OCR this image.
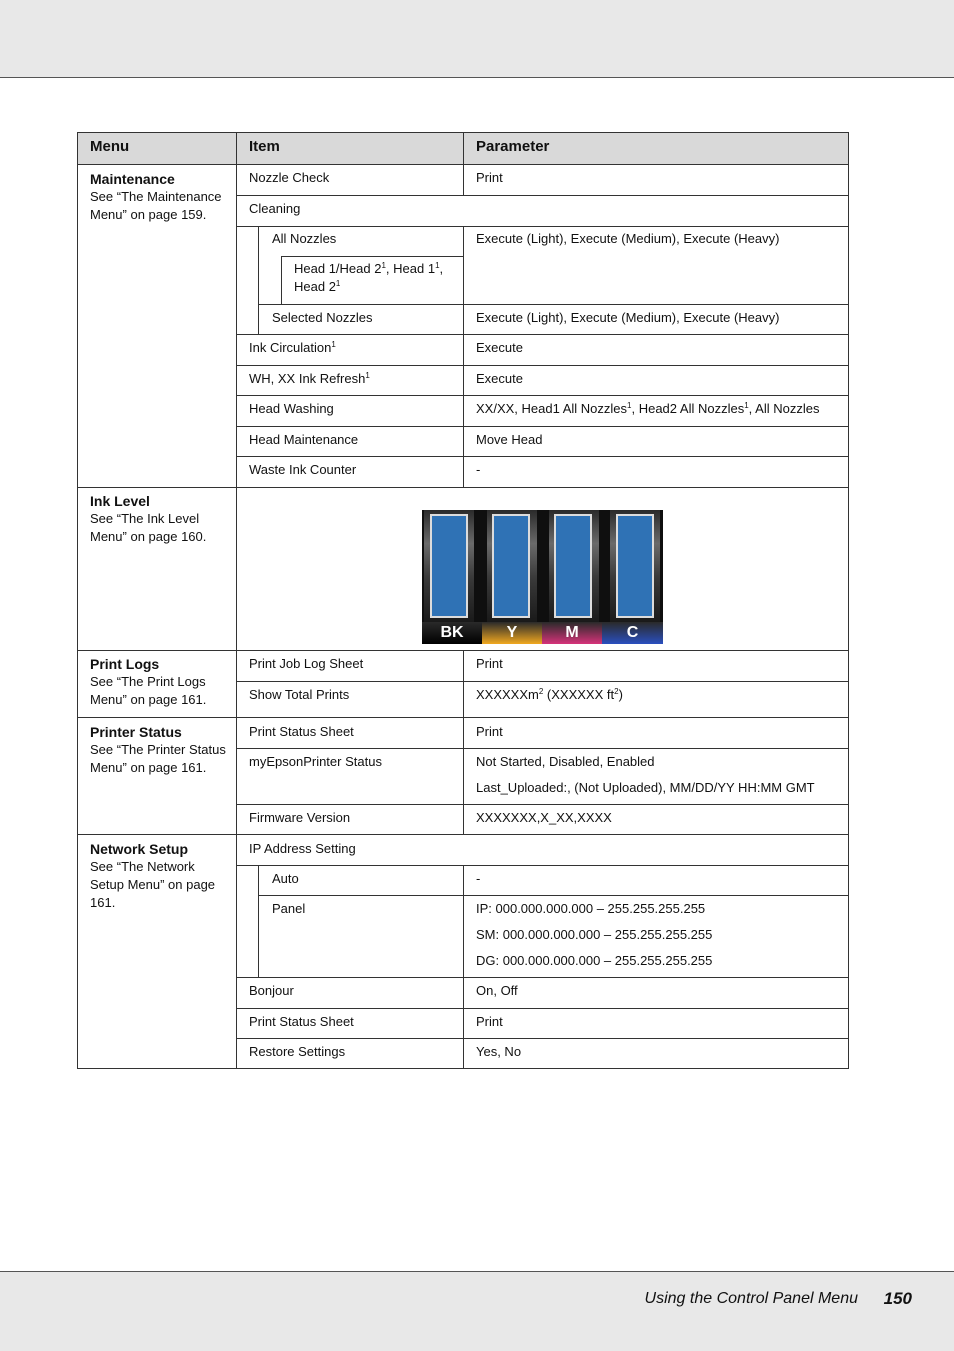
Menu	Item	Parameter
Maintenance
See “The Maintenance Menu” on page 159.
Nozzle Check	Print
Cleaning
All Nozzles	Execute (Light), Execute (Medium), Execute (Heavy)
Head 1/Head $2^1$, Head $1^1$,
Head $2^1$
Selected Nozzles	Execute (Light), Execute (Medium), Execute (Heavy)
Ink Circulation$^1$	Execute
WH, XX Ink Refresh$^1$	Execute
Head Washing	XX/XX, Head1 All Nozzles$^1$, Head2 All Nozzles$^1$, All Nozzles
Head Maintenance	Move Head
Waste Ink Counter	-
Ink Level
See “The Ink Level Menu” on page 160.
BK	Y	M	C
Print Logs
See “The Print Logs Menu” on page 161.
Print Job Log Sheet	Print
Show Total Prints	XXXXXXm$^2$ (XXXXXX $ft^2$)
Printer Status
See “The Printer Status Menu” on page 161.
Print Status Sheet	Print
myEpsonPrinter Status	Not Started, Disabled, Enabled
Last_Uploaded:, (Not Uploaded), MM/DD/YY HH:MM GMT
Firmware Version	XXXXXXX,X_XX,XXXX
Network Setup
See “The Network Setup Menu” on page 161.
IP Address Setting
Auto	-
Panel	IP: 000.000.000.000 – 255.255.255.255
SM: 000.000.000.000 – 255.255.255.255
DG: 000.000.000.000 – 255.255.255.255
Bonjour	On, Off
Print Status Sheet	Print
Restore Settings	Yes, No
Using the Control Panel Menu 150
